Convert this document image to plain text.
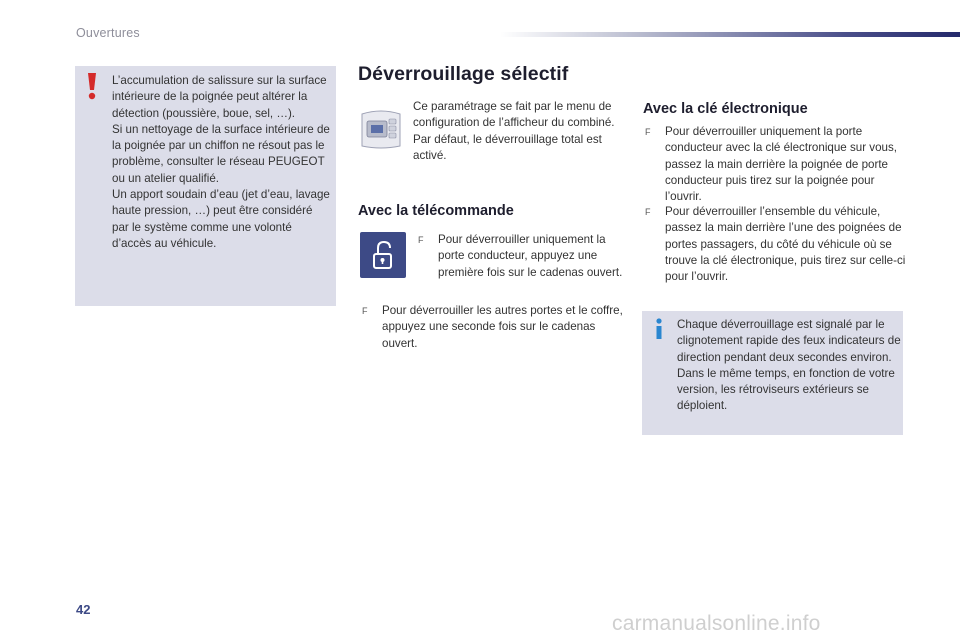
Ouvertures

L’accumulation de salissure sur la surface intérieure de la poignée peut altérer la détection (poussière, boue, sel, …).

Si un nettoyage de la surface intérieure de la poignée par un chiffon ne résout pas le problème, consulter le réseau PEUGEOT ou un atelier qualifié.

Un apport soudain d’eau (jet d’eau, lavage haute pression, …) peut être considéré par le système comme une volonté d’accès au véhicule.

Déverrouillage sélectif

Ce paramétrage se fait par le menu de configuration de l’afficheur du combiné.

Par défaut, le déverrouillage total est activé.

Avec la télécommande
F Pour déverrouiller uniquement la porte conducteur, appuyez une première fois sur le cadenas ouvert.
F Pour déverrouiller les autres portes et le coffre, appuyez une seconde fois sur le cadenas ouvert.
Avec la clé électronique
F Pour déverrouiller uniquement la porte conducteur avec la clé électronique sur vous, passez la main derrière la poignée de porte conducteur puis tirez sur la poignée pour l’ouvrir.
F Pour déverrouiller l’ensemble du véhicule, passez la main derrière l’une des poignées de portes passagers, du côté du véhicule où se trouve la clé électronique, puis tirez sur celle-ci pour l’ouvrir.

Chaque déverrouillage est signalé par le clignotement rapide des feux indicateurs de direction pendant deux secondes environ.

Dans le même temps, en fonction de votre version, les rétroviseurs extérieurs se déploient.

42
carmanualsonline.info
